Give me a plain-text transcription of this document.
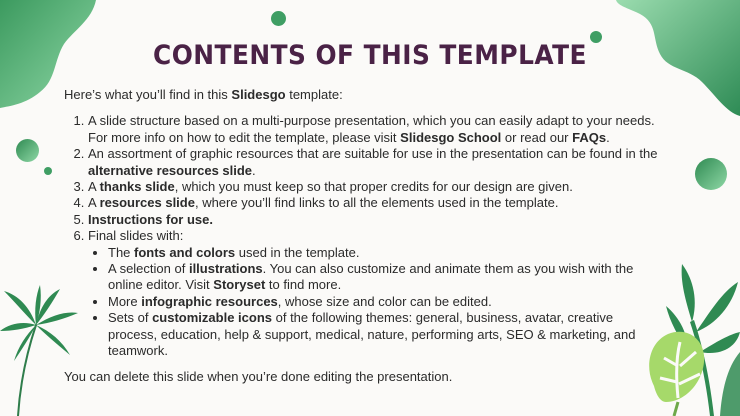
CONTENTS OF THIS TEMPLATE

Here’s what you’ll find in this Slidesgo template:

1. A slide structure based on a multi-purpose presentation, which you can easily adapt to your needs. For more info on how to edit the template, please visit Slidesgo School or read our FAQs.
2. An assortment of graphic resources that are suitable for use in the presentation can be found in the alternative resources slide.
3. A thanks slide, which you must keep so that proper credits for our design are given.
4. A resources slide, where you’ll find links to all the elements used in the template.
5. Instructions for use.
6. Final slides with:
• The fonts and colors used in the template.
• A selection of illustrations. You can also customize and animate them as you wish with the online editor. Visit Storyset to find more.
• More infographic resources, whose size and color can be edited.
• Sets of customizable icons of the following themes: general, business, avatar, creative process, education, help & support, medical, nature, performing arts, SEO & marketing, and teamwork.

You can delete this slide when you’re done editing the presentation.
